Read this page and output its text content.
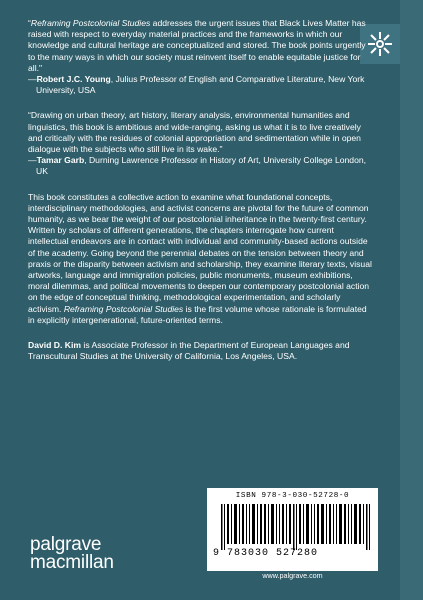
“Reframing Postcolonial Studies addresses the urgent issues that Black Lives Matter has raised with respect to everyday material practices and the frameworks in which our knowledge and cultural heritage are conceptualized and stored. The book points urgently to the many ways in which our society must reinvent itself to enable equitable justice for all."

—Robert J.C. Young, Julius Professor of English and Comparative Literature, New York University, USA

“Drawing on urban theory, art history, literary analysis, environmental humanities and linguistics, this book is ambitious and wide-ranging, asking us what it is to live creatively and critically with the residues of colonial appropriation and sedimentation while in open dialogue with the subjects who still live in its wake."

—Tamar Garb, Durning Lawrence Professor in History of Art, University College London, UK

This book constitutes a collective action to examine what foundational concepts, interdisciplinary methodologies, and activist concerns are pivotal for the future of common humanity, as we bear the weight of our postcolonial inheritance in the twenty-first century. Written by scholars of different generations, the chapters interrogate how current intellectual endeavors are in contact with individual and community-based actions outside of the academy. Going beyond the perennial debates on the tension between theory and praxis or the disparity between activism and scholarship, they examine literary texts, visual artworks, language and immigration policies, public monuments, museum exhibitions, moral dilemmas, and political movements to deepen our contemporary postcolonial action on the edge of conceptual thinking, methodological experimentation, and scholarly activism. Reframing Postcolonial Studies is the first volume whose rationale is formulated in explicitly intergenerational, future-oriented terms.

David D. Kim is Associate Professor in the Department of European Languages and Transcultural Studies at the University of California, Los Angeles, USA.

ISBN 978-3-030-52728-0
9 783030 527280
www.palgrave.com
palgrave
macmillan
